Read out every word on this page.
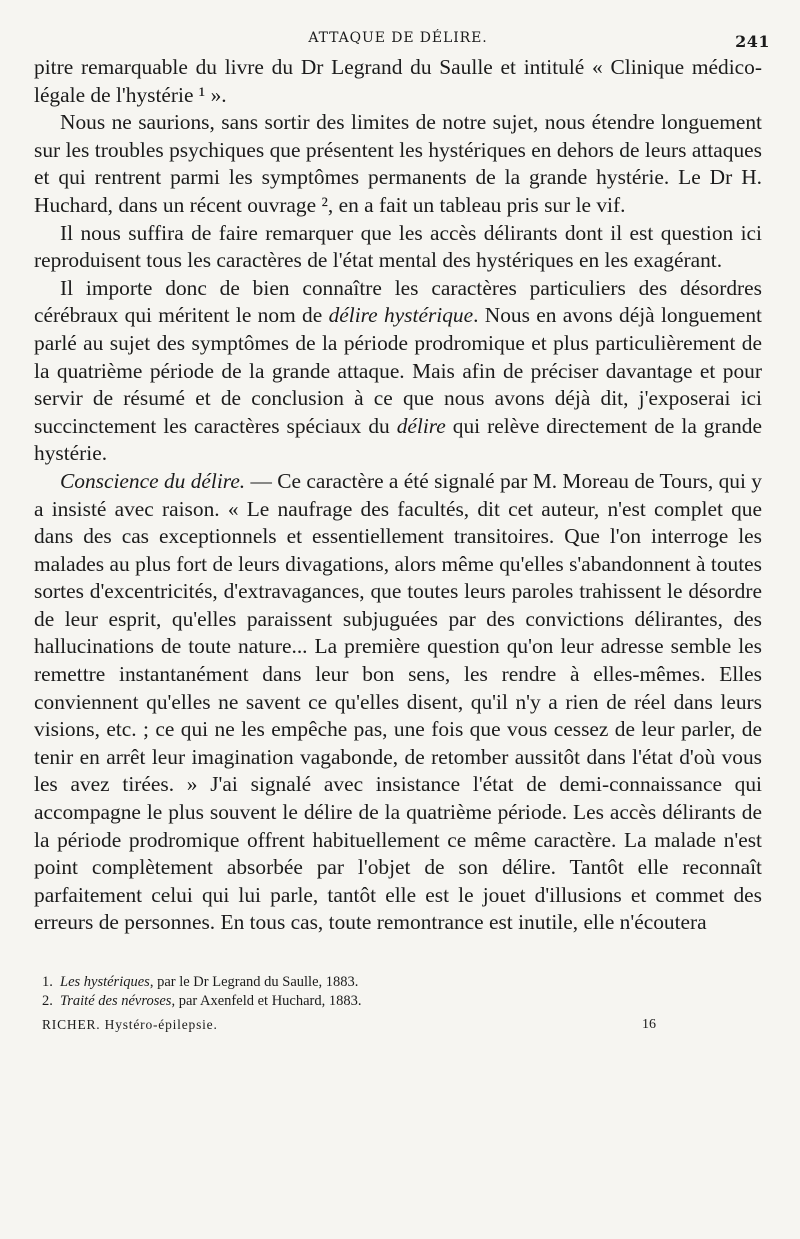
ATTAQUE DE DÉLIRE.	241

pitre remarquable du livre du Dr Legrand du Saulle et intitulé « Clinique médico-légale de l'hystérie ¹ ».

Nous ne saurions, sans sortir des limites de notre sujet, nous étendre longuement sur les troubles psychiques que présentent les hystériques en dehors de leurs attaques et qui rentrent parmi les symptômes permanents de la grande hystérie. Le Dr H. Huchard, dans un récent ouvrage ², en a fait un tableau pris sur le vif.

Il nous suffira de faire remarquer que les accès délirants dont il est question ici reproduisent tous les caractères de l'état mental des hystériques en les exagérant.

Il importe donc de bien connaître les caractères particuliers des désordres cérébraux qui méritent le nom de délire hystérique. Nous en avons déjà longuement parlé au sujet des symptômes de la période prodromique et plus particulièrement de la quatrième période de la grande attaque. Mais afin de préciser davantage et pour servir de résumé et de conclusion à ce que nous avons déjà dit, j'exposerai ici succinctement les caractères spéciaux du délire qui relève directement de la grande hystérie.

Conscience du délire. — Ce caractère a été signalé par M. Moreau de Tours, qui y a insisté avec raison. « Le naufrage des facultés, dit cet auteur, n'est complet que dans des cas exceptionnels et essentiellement transitoires. Que l'on interroge les malades au plus fort de leurs divagations, alors même qu'elles s'abandonnent à toutes sortes d'excentricités, d'extravagances, que toutes leurs paroles trahissent le désordre de leur esprit, qu'elles paraissent subjuguées par des convictions délirantes, des hallucinations de toute nature... La première question qu'on leur adresse semble les remettre instantanément dans leur bon sens, les rendre à elles-mêmes. Elles conviennent qu'elles ne savent ce qu'elles disent, qu'il n'y a rien de réel dans leurs visions, etc. ; ce qui ne les empêche pas, une fois que vous cessez de leur parler, de tenir en arrêt leur imagination vagabonde, de retomber aussitôt dans l'état d'où vous les avez tirées. » J'ai signalé avec insistance l'état de demi-connaissance qui accompagne le plus souvent le délire de la quatrième période. Les accès délirants de la période prodromique offrent habituellement ce même caractère. La malade n'est point complètement absorbée par l'objet de son délire. Tantôt elle reconnaît parfaitement celui qui lui parle, tantôt elle est le jouet d'illusions et commet des erreurs de personnes. En tous cas, toute remontrance est inutile, elle n'écoutera

1. Les hystériques, par le Dr Legrand du Saulle, 1883.
2. Traité des névroses, par Axenfeld et Huchard, 1883.
RICHER. Hystéro-épilepsie.	16
